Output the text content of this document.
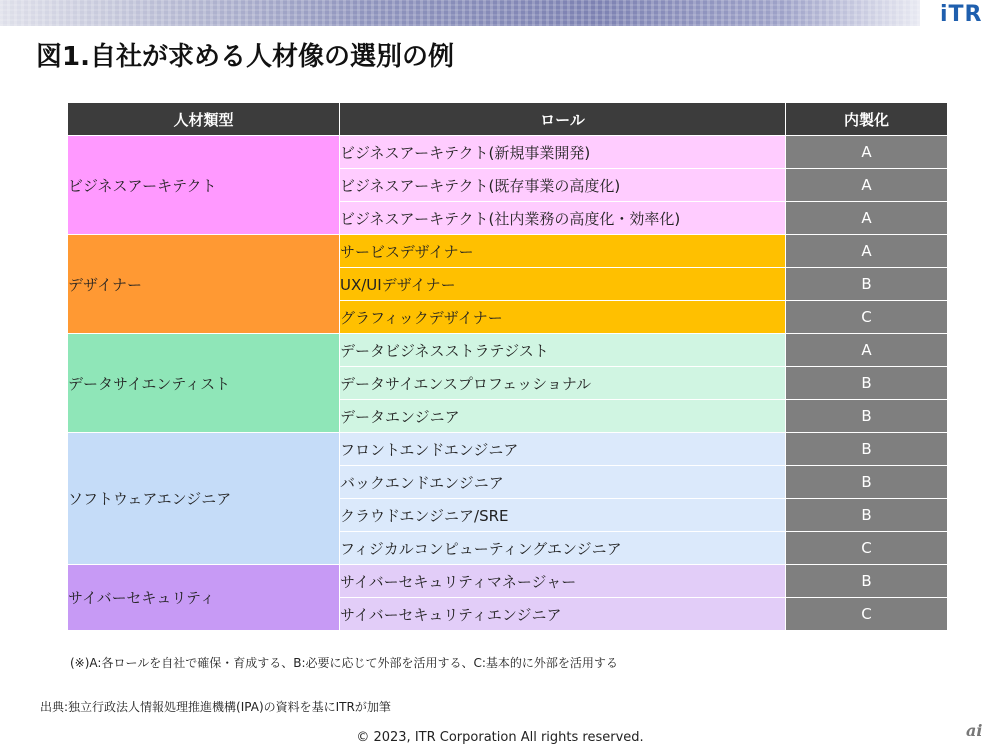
iTR
図1.自社が求める人材像の選別の例
人材類型	ロール	内製化
ビジネスアーキテクト	ビジネスアーキテクト(新規事業開発)	A
	ビジネスアーキテクト(既存事業の高度化)	A
	ビジネスアーキテクト(社内業務の高度化・効率化)	A
デザイナー	サービスデザイナー	A
	UX/UIデザイナー	B
	グラフィックデザイナー	C
データサイエンティスト	データビジネスストラテジスト	A
	データサイエンスプロフェッショナル	B
	データエンジニア	B
ソフトウェアエンジニア	フロントエンドエンジニア	B
	バックエンドエンジニア	B
	クラウドエンジニア/SRE	B
	フィジカルコンピューティングエンジニア	C
サイバーセキュリティ	サイバーセキュリティマネージャー	B
	サイバーセキュリティエンジニア	C
(※)A:各ロールを自社で確保・育成する、B:必要に応じて外部を活用する、C:基本的に外部を活用する
出典:独立行政法人情報処理推進機構(IPA)の資料を基にITRが加筆
© 2023, ITR Corporation All rights reserved.	ai
